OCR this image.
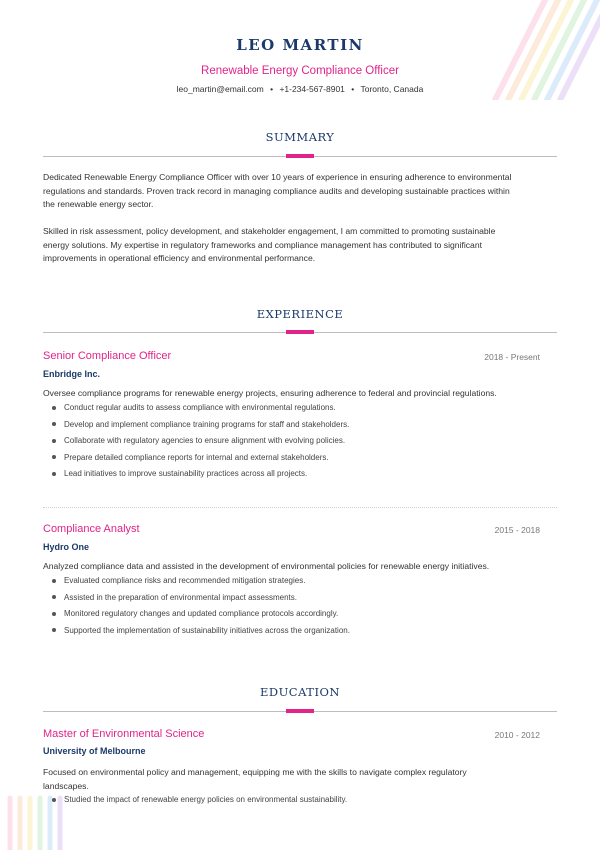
LEO MARTIN
Renewable Energy Compliance Officer
leo_martin@email.com • +1-234-567-8901 • Toronto, Canada
SUMMARY
Dedicated Renewable Energy Compliance Officer with over 10 years of experience in ensuring adherence to environmental
regulations and standards. Proven track record in managing compliance audits and developing sustainable practices within
the renewable energy sector.
Skilled in risk assessment, policy development, and stakeholder engagement, I am committed to promoting sustainable
energy solutions. My expertise in regulatory frameworks and compliance management has contributed to significant
improvements in operational efficiency and environmental performance.
EXPERIENCE
Senior Compliance Officer	2018 - Present
Enbridge Inc.
Oversee compliance programs for renewable energy projects, ensuring adherence to federal and provincial regulations.
Conduct regular audits to assess compliance with environmental regulations.
Develop and implement compliance training programs for staff and stakeholders.
Collaborate with regulatory agencies to ensure alignment with evolving policies.
Prepare detailed compliance reports for internal and external stakeholders.
Lead initiatives to improve sustainability practices across all projects.
Compliance Analyst	2015 - 2018
Hydro One
Analyzed compliance data and assisted in the development of environmental policies for renewable energy initiatives.
Evaluated compliance risks and recommended mitigation strategies.
Assisted in the preparation of environmental impact assessments.
Monitored regulatory changes and updated compliance protocols accordingly.
Supported the implementation of sustainability initiatives across the organization.
EDUCATION
Master of Environmental Science	2010 - 2012
University of Melbourne
Focused on environmental policy and management, equipping me with the skills to navigate complex regulatory
landscapes.
Studied the impact of renewable energy policies on environmental sustainability.
